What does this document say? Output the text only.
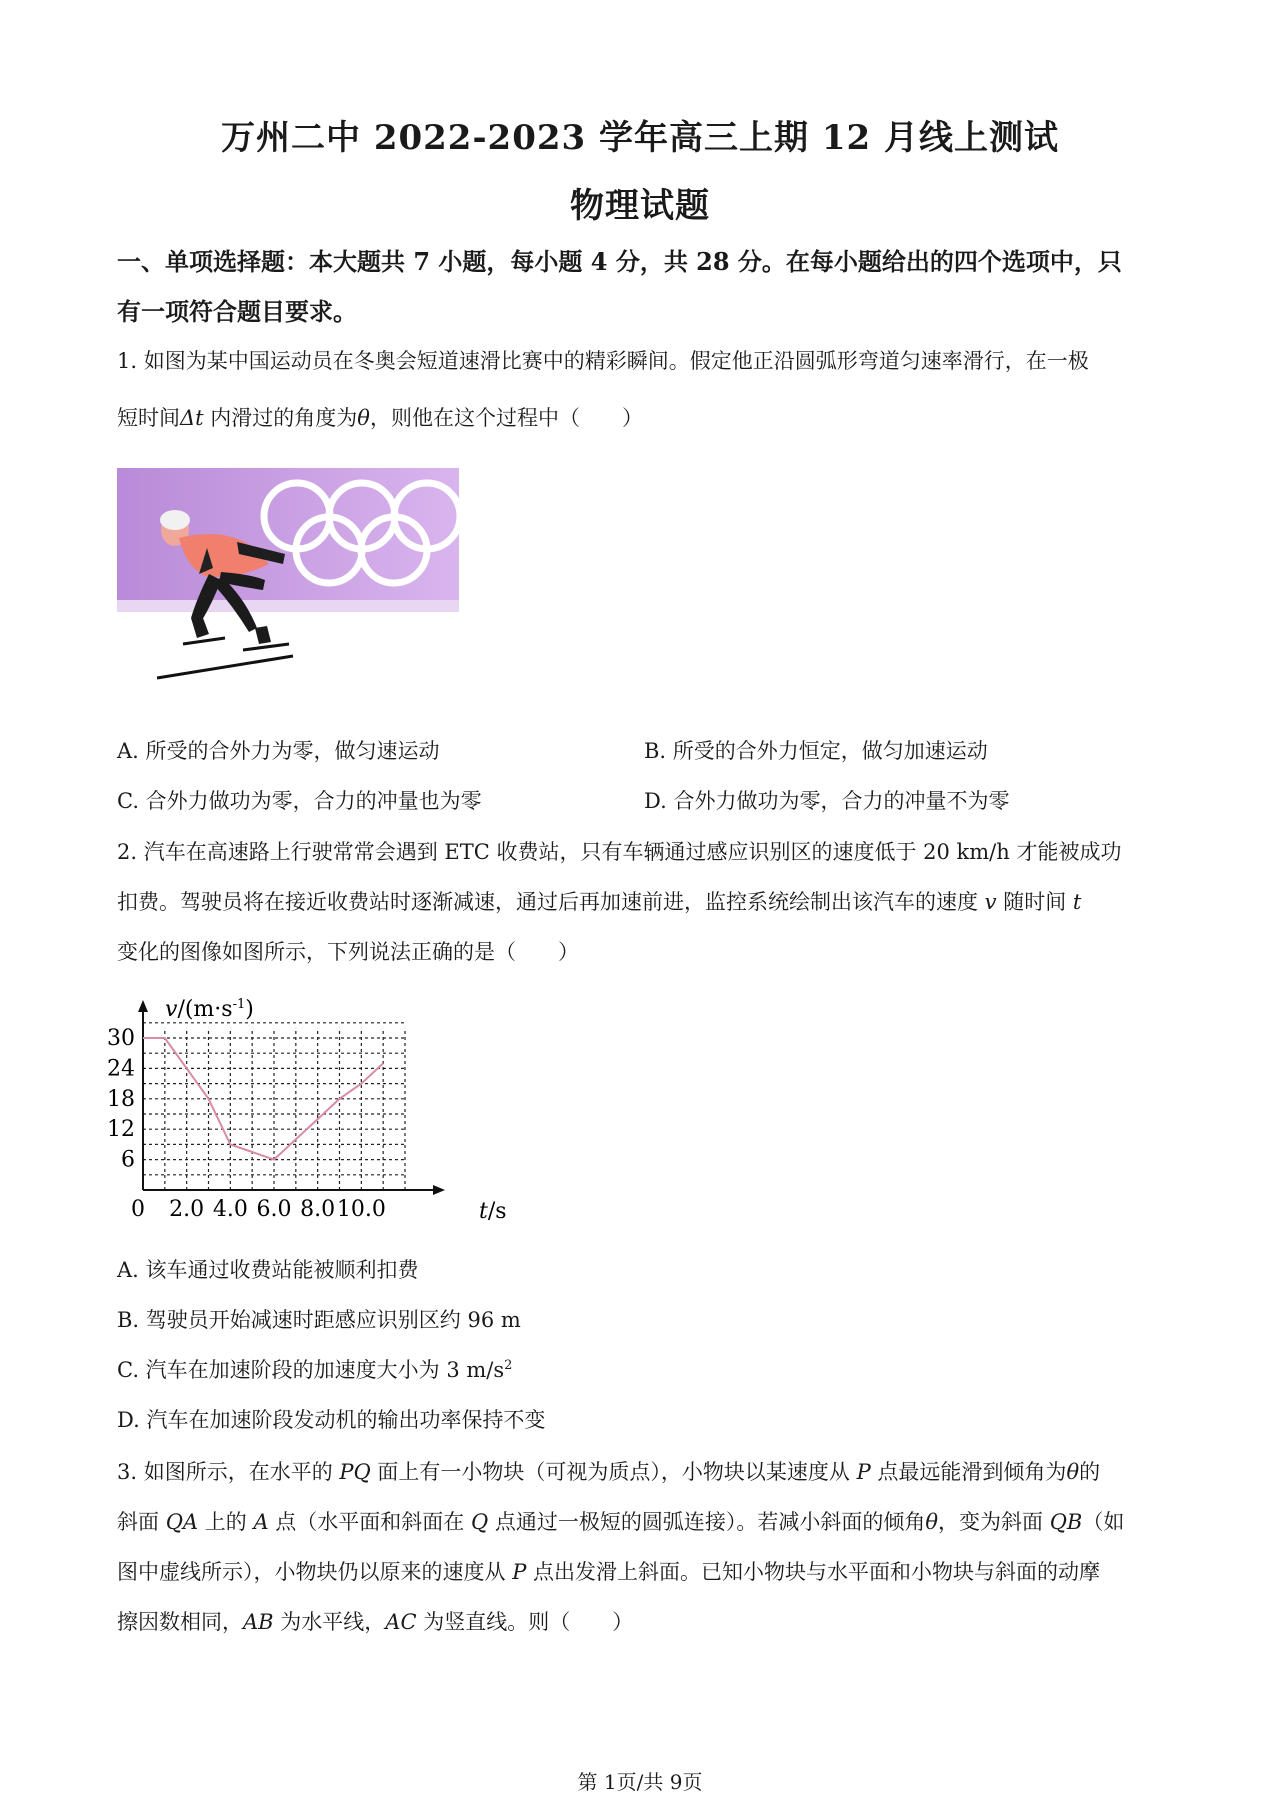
万州二中 2022-2023 学年高三上期 12 月线上测试
物理试题
一、单项选择题：本大题共 7 小题，每小题 4 分，共 28 分。在每小题给出的四个选项中，只
有一项符合题目要求。
1. 如图为某中国运动员在冬奥会短道速滑比赛中的精彩瞬间。假定他正沿圆弧形弯道匀速率滑行，在一极
短时间Δt 内滑过的角度为θ，则他在这个过程中（　　）
A. 所受的合外力为零，做匀速运动	B. 所受的合外力恒定，做匀加速运动
C. 合外力做功为零，合力的冲量也为零	D. 合外力做功为零，合力的冲量不为零
2. 汽车在高速路上行驶常常会遇到 ETC 收费站，只有车辆通过感应识别区的速度低于 20 km/h 才能被成功
扣费。驾驶员将在接近收费站时逐渐减速，通过后再加速前进，监控系统绘制出该汽车的速度 v 随时间 t
变化的图像如图所示，下列说法正确的是（　　）
2.0 4.0 6.0 8.0 10.0
6
12
18
24
30
$v/(m\cdot s^{-1})$
t/s
0
A. 该车通过收费站能被顺利扣费
B. 驾驶员开始减速时距感应识别区约 96 m
C. 汽车在加速阶段的加速度大小为 3 $m/s^2$
D. 汽车在加速阶段发动机的输出功率保持不变
3. 如图所示，在水平的 PQ 面上有一小物块（可视为质点），小物块以某速度从 P 点最远能滑到倾角为θ的
斜面 QA 上的 A 点（水平面和斜面在 Q 点通过一极短的圆弧连接）。若减小斜面的倾角θ，变为斜面 QB（如
图中虚线所示），小物块仍以原来的速度从 P 点出发滑上斜面。已知小物块与水平面和小物块与斜面的动摩
擦因数相同，AB 为水平线，AC 为竖直线。则（　　）
第 1页/共 9页
